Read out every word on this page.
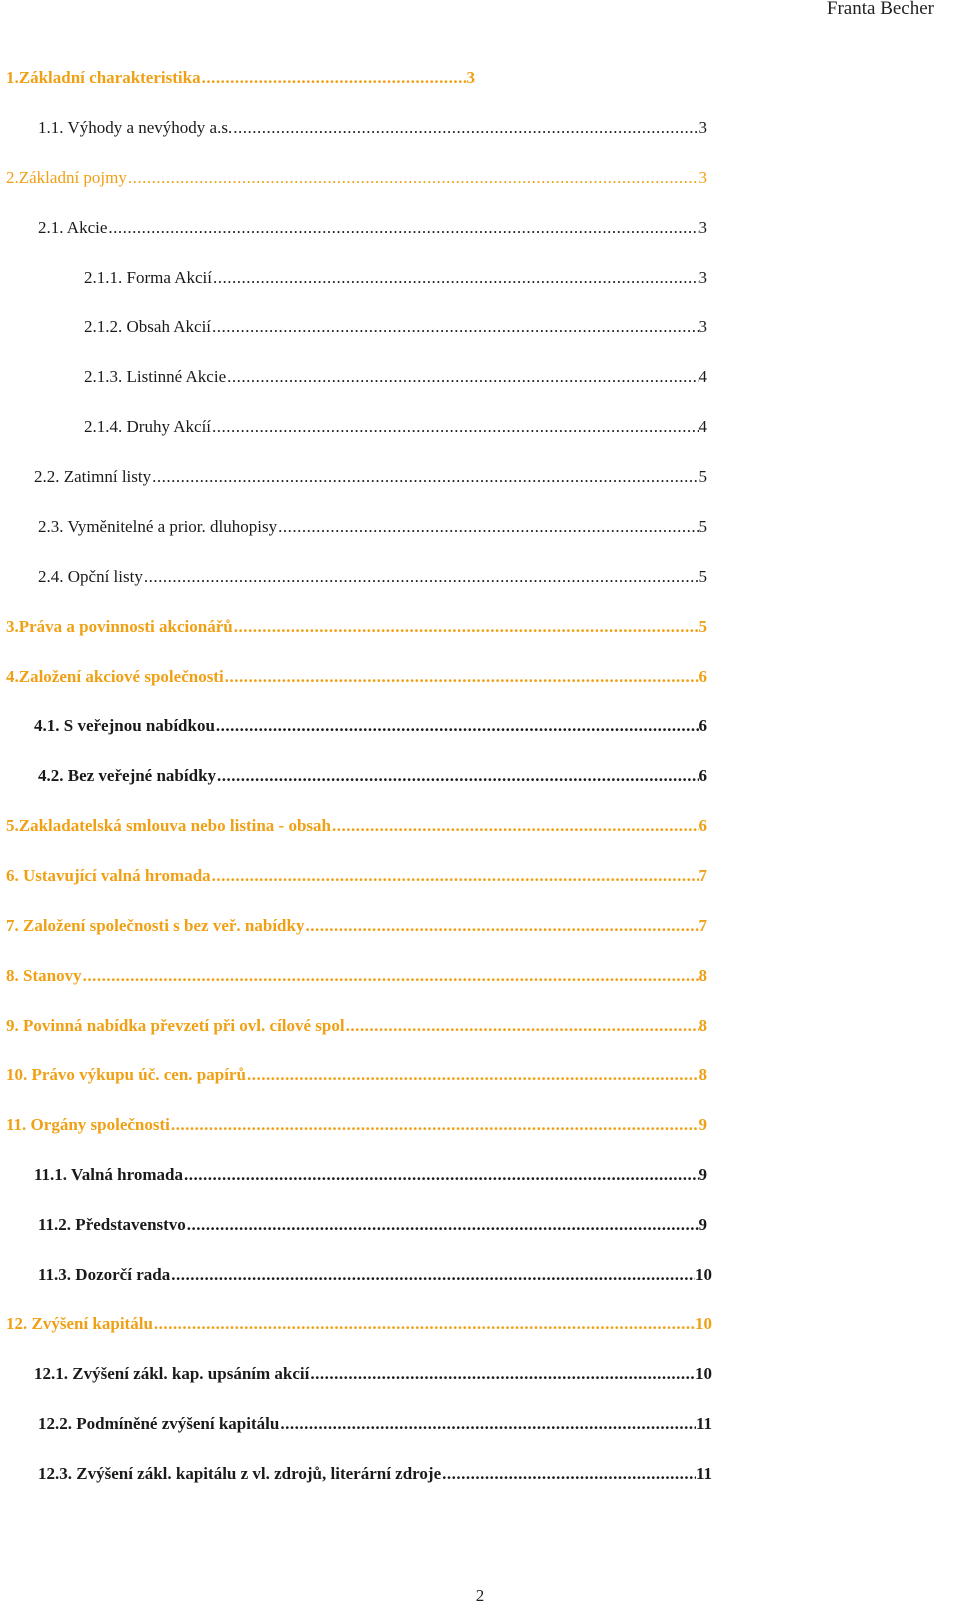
Franta Becher
1.Základní charakteristika .....	3
1.1. Výhody a nevýhody a.s. .....	3
2.Základní pojmy .....	3
2.1. Akcie .....	3
2.1.1. Forma Akcií .....	3
2.1.2. Obsah Akcií .....	3
2.1.3. Listinné Akcie .....	4
2.1.4. Druhy Akcíí .....	4
2.2. Zatimní listy .....	5
2.3. Vyměnitelné a prior. dluhopisy .....	5
2.4. Opční listy .....	5
3.Práva a povinnosti akcionářů .....	5
4.Založení akciové společnosti .....	6
4.1. S veřejnou nabídkou .....	6
4.2. Bez veřejné nabídky .....	6
5.Zakladatelská smlouva nebo listina - obsah .....	6
6. Ustavující valná hromada .....	7
7. Založení společnosti s bez veř. nabídky .....	7
8. Stanovy .....	8
9. Povinná nabídka převzetí při ovl. cílové spol .....	8
10. Právo výkupu úč. cen. papírů .....	8
11. Orgány společnosti .....	9
11.1. Valná hromada .....	9
11.2. Představenstvo .....	9
11.3. Dozorčí rada .....	10
12. Zvýšení kapitálu .....	10
12.1. Zvýšení zákl. kap. upsáním akcií .....	10
12.2. Podmíněné zvýšení kapitálu .....	11
12.3. Zvýšení zákl. kapitálu z vl. zdrojů, literární zdroje .....	11
2
